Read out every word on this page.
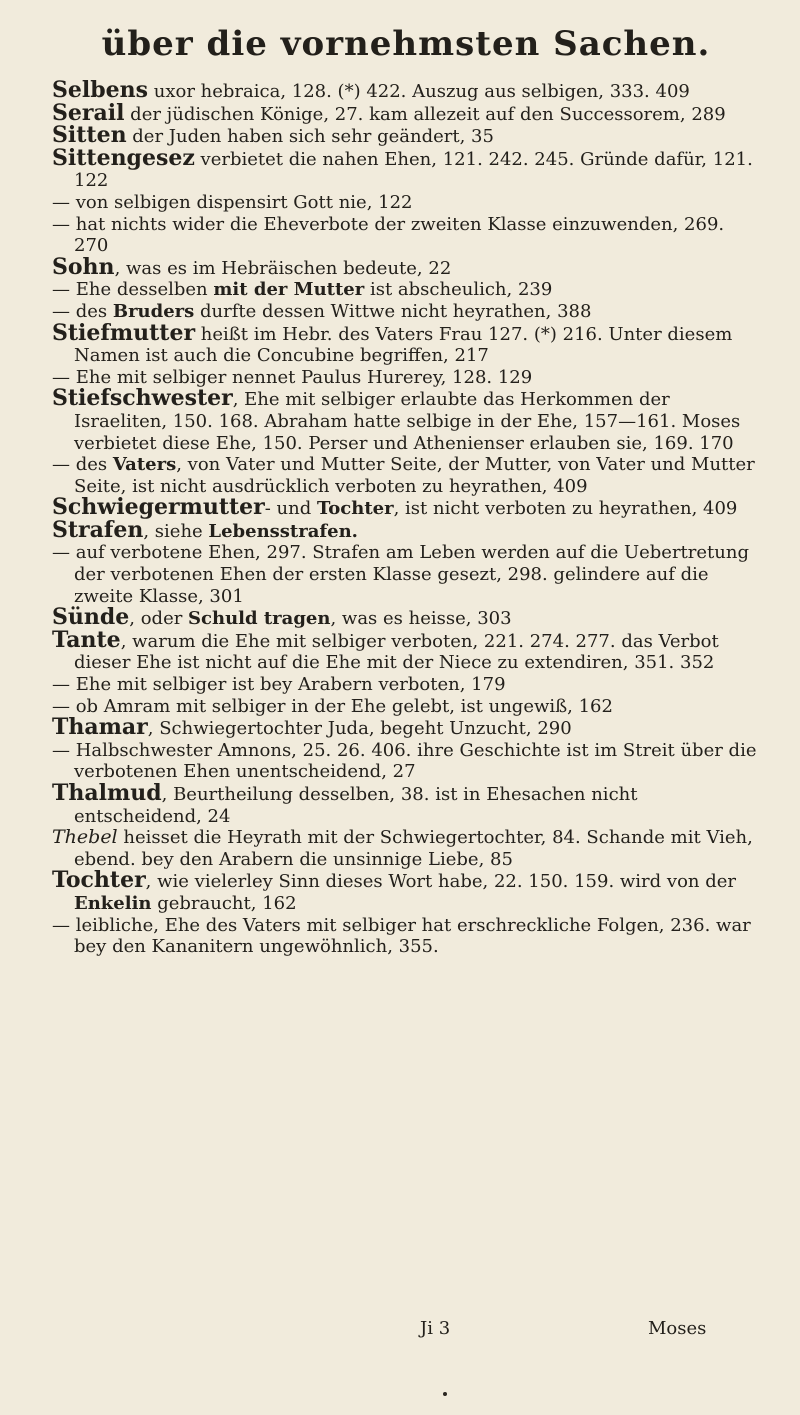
über die vornehmsten Sachen.

Selbens uxor hebraica, 128. (*) 422. Auszug aus selbigen, 333. 409

Serail der jüdischen Könige, 27. kam allezeit auf den Successorem, 289

Sitten der Juden haben sich sehr geändert, 35

Sittengesez verbietet die nahen Ehen, 121. 242. 245. Gründe dafür, 121. 122

— von selbigen dispensirt Gott nie, 122

— hat nichts wider die Eheverbote der zweiten Klasse einzuwenden, 269. 270

Sohn, was es im Hebräischen bedeute, 22

— Ehe desselben mit der Mutter ist abscheulich, 239

— des Bruders durfte dessen Wittwe nicht heyrathen, 388

Stiefmutter heißt im Hebr. des Vaters Frau 127. (*) 216. Unter diesem Namen ist auch die Concubine begriffen, 217

— Ehe mit selbiger nennet Paulus Hurerey, 128. 129

Stiefschwester, Ehe mit selbiger erlaubte das Herkommen der Israeliten, 150. 168. Abraham hatte selbige in der Ehe, 157—161. Moses verbietet diese Ehe, 150. Perser und Athenienser erlauben sie, 169. 170

— des Vaters, von Vater und Mutter Seite, der Mutter, von Vater und Mutter Seite, ist nicht ausdrücklich verboten zu heyrathen, 409

Schwiegermutter- und Tochter, ist nicht verboten zu heyrathen, 409

Strafen, siehe Lebensstrafen.

— auf verbotene Ehen, 297. Strafen am Leben werden auf die Uebertretung der verbotenen Ehen der ersten Klasse gesezt, 298. gelindere auf die zweite Klasse, 301

Sünde, oder Schuld tragen, was es heisse, 303

Tante, warum die Ehe mit selbiger verboten, 221. 274. 277. das Verbot dieser Ehe ist nicht auf die Ehe mit der Niece zu extendiren, 351. 352

— Ehe mit selbiger ist bey Arabern verboten, 179

— ob Amram mit selbiger in der Ehe gelebt, ist ungewiß, 162

Thamar, Schwiegertochter Juda, begeht Unzucht, 290

— Halbschwester Amnons, 25. 26. 406. ihre Geschichte ist im Streit über die verbotenen Ehen unentscheidend, 27

Thalmud, Beurtheilung desselben, 38. ist in Ehesachen nicht entscheidend, 24

Thebel heisset die Heyrath mit der Schwiegertochter, 84. Schande mit Vieh, ebend. bey den Arabern die unsinnige Liebe, 85

Tochter, wie vielerley Sinn dieses Wort habe, 22. 150. 159. wird von der Enkelin gebraucht, 162

— leibliche, Ehe des Vaters mit selbiger hat erschreckliche Folgen, 236. war bey den Kananitern ungewöhnlich, 355.

Ji 3	Moses
